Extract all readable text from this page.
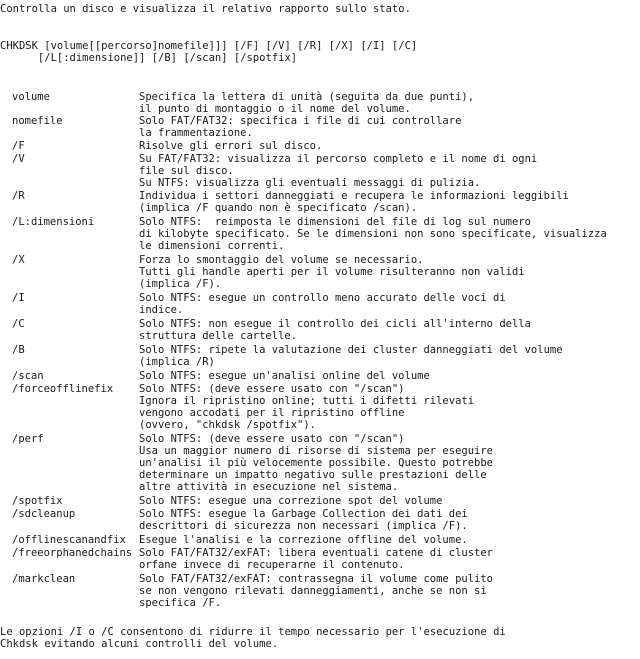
Controlla un disco e visualizza il relativo rapporto sullo stato.
CHKDSK [volume[[percorso]nomefile]]] [/F] [/V] [/R] [/X] [/I] [/C]
[/L[:dimensione]] [/B] [/scan] [/spotfix]
volume	Specifica la lettera di unità (seguita da due punti),
il punto di montaggio o il nome del volume.
nomefile	Solo FAT/FAT32: specifica i file di cui controllare
la frammentazione.
/F	Risolve gli errori sul disco.
/V	Su FAT/FAT32: visualizza il percorso completo e il nome di ogni
file sul disco.
Su NTFS: visualizza gli eventuali messaggi di pulizia.
/R	Individua i settori danneggiati e recupera le informazioni leggibili
(implica /F quando non è specificato /scan).
/L:dimensioni	Solo NTFS:  reimposta le dimensioni del file di log sul numero
di kilobyte specificato. Se le dimensioni non sono specificate, visualizza
le dimensioni correnti.
/X	Forza lo smontaggio del volume se necessario.
Tutti gli handle aperti per il volume risulteranno non validi
(implica /F).
/I	Solo NTFS: esegue un controllo meno accurato delle voci di
indice.
/C	Solo NTFS: non esegue il controllo dei cicli all'interno della
struttura delle cartelle.
/B	Solo NTFS: ripete la valutazione dei cluster danneggiati del volume
(implica /R)
/scan	Solo NTFS: esegue un'analisi online del volume
/forceofflinefix Solo NTFS: (deve essere usato con "/scan")
Ignora il ripristino online; tutti i difetti rilevati
vengono accodati per il ripristino offline
(ovvero, "chkdsk /spotfix").
/perf	Solo NTFS: (deve essere usato con "/scan")
Usa un maggior numero di risorse di sistema per eseguire
un'analisi il più velocemente possibile. Questo potrebbe
determinare un impatto negativo sulle prestazioni delle
altre attività in esecuzione nel sistema.
/spotfix	Solo NTFS: esegue una correzione spot del volume
/sdcleanup	Solo NTFS: esegue la Garbage Collection dei dati dei
descrittori di sicurezza non necessari (implica /F).
/offlinescanandfix Esegue l'analisi e la correzione offline del volume.
/freeorphanedchains Solo FAT/FAT32/exFAT: libera eventuali catene di cluster
orfane invece di recuperarne il contenuto.
/markclean	Solo FAT/FAT32/exFAT: contrassegna il volume come pulito
se non vengono rilevati danneggiamenti, anche se non si
specifica /F.
Le opzioni /I o /C consentono di ridurre il tempo necessario per l'esecuzione di
Chkdsk evitando alcuni controlli del volume.
